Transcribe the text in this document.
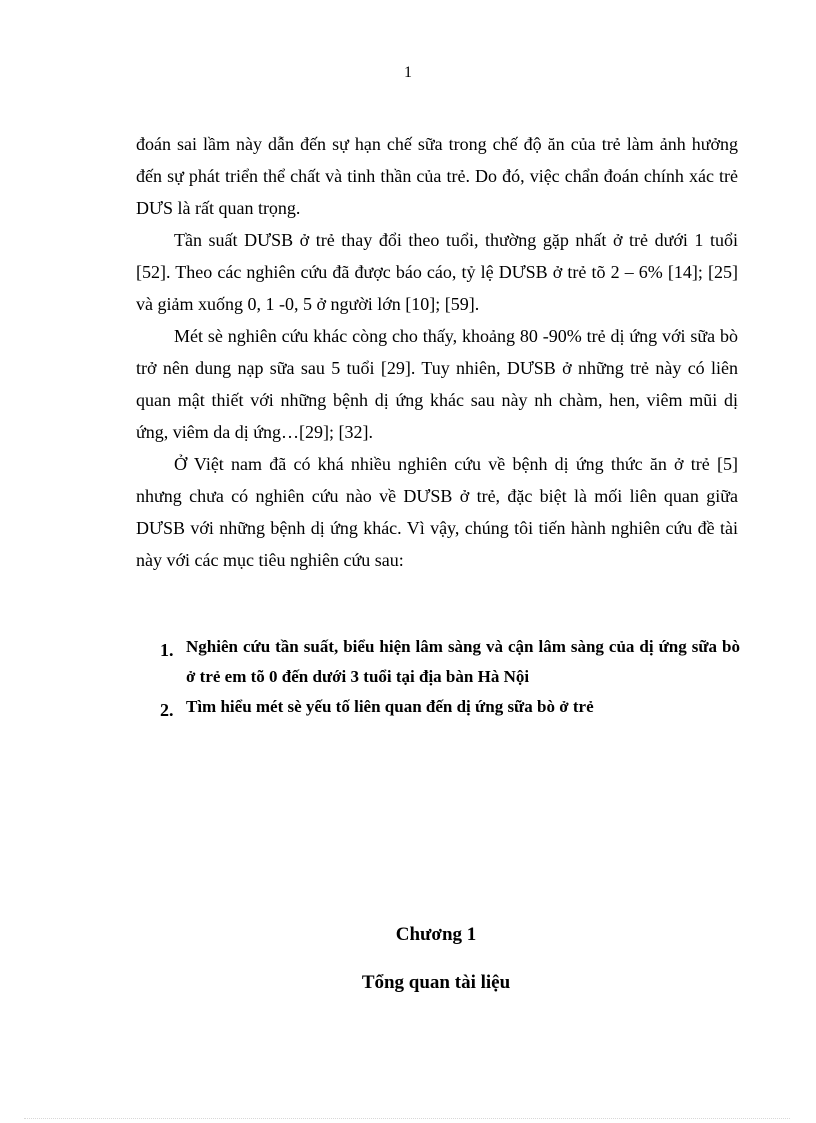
1

đoán sai lầm này dẫn đến sự hạn chế sữa trong chế độ ăn của trẻ làm ảnh hưởng đến sự phát triển thể chất và tinh thần của trẻ. Do đó, việc chẩn đoán chính xác trẻ DƯS là rất quan trọng.

Tần suất DƯSB ở trẻ thay đổi theo tuổi, thường gặp nhất ở trẻ dưới 1 tuổi [52]. Theo các nghiên cứu đã được báo cáo, tỷ lệ DƯSB ở trẻ tõ 2 – 6% [14]; [25] và giảm xuống 0, 1 -0, 5 ở người lớn [10]; [59].

Mét sè nghiên cứu khác còng cho thấy, khoảng 80 -90% trẻ dị ứng với sữa bò trở nên dung nạp sữa sau 5 tuổi [29]. Tuy nhiên, DƯSB ở những trẻ này có liên quan mật thiết với những bệnh dị ứng khác sau này nh chàm, hen, viêm mũi dị ứng, viêm da dị ứng…[29]; [32].

Ở Việt nam đã có khá nhiều nghiên cứu về bệnh dị ứng thức ăn ở trẻ [5] nhưng chưa có nghiên cứu nào về DƯSB ở trẻ, đặc biệt là mối liên quan giữa DƯSB với những bệnh dị ứng khác. Vì vậy, chúng tôi tiến hành nghiên cứu đề tài này với các mục tiêu nghiên cứu sau:

1. Nghiên cứu tần suất, biểu hiện lâm sàng và cận lâm sàng của dị ứng sữa bò ở trẻ em tõ 0 đến dưới 3 tuổi tại địa bàn Hà Nội
2. Tìm hiểu mét sè yếu tố liên quan đến dị ứng sữa bò ở trẻ
Chương 1
Tổng quan tài liệu
